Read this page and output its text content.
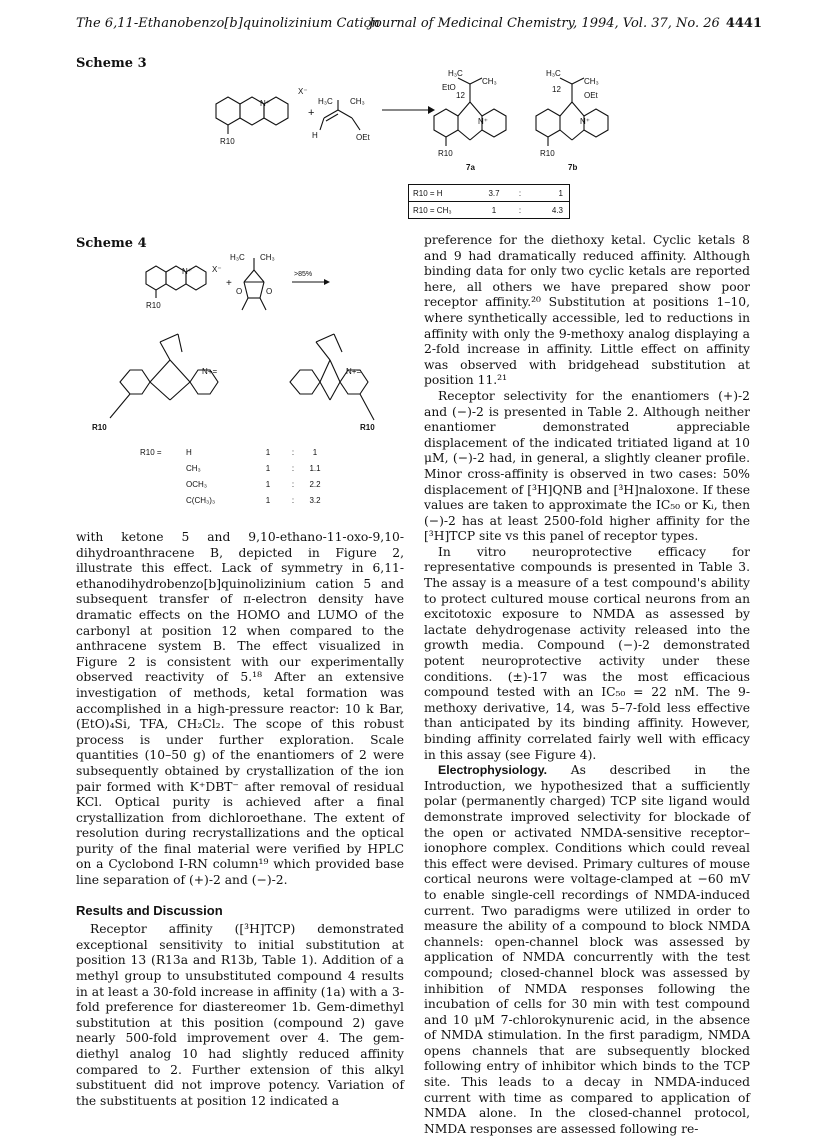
The 6,11-Ethanobenzo[b]quinolizinium Cation
Journal of Medicinal Chemistry, 1994, Vol. 37, No. 26 4441
Scheme 3
N⁺
R10
X⁻
+
H₃C CH₃
H	OEt
H₃C
CH₃
EtO
12
N⁺
R10
7a
H₃C
CH₃
12
OEt
N⁺
R10
7b
R10 = H	3.7	:	1
R10 = CH₃	1	:	4.3
Scheme 4
N⁺
R10
X⁻
+
H₃C CH₃
O	O
>85%
N+=
R10
N+=
R10
R10 =	H	1	:	1
CH₃	1	:	1.1
OCH₃	1	:	2.2
C(CH₃)₃	1	:	3.2

with ketone 5 and 9,10-ethano-11-oxo-9,10-dihydroanthracene B, depicted in Figure 2, illustrate this effect. Lack of symmetry in 6,11-ethanodihydrobenzo[b]quinolizinium cation 5 and subsequent transfer of π-electron density have dramatic effects on the HOMO and LUMO of the carbonyl at position 12 when compared to the anthracene system B. The effect visualized in Figure 2 is consistent with our experimentally observed reactivity of 5.¹⁸ After an extensive investigation of methods, ketal formation was accomplished in a high-pressure reactor: 10 k Bar, (EtO)₄Si, TFA, CH₂Cl₂. The scope of this robust process is under further exploration. Scale quantities (10–50 g) of the enantiomers of 2 were subsequently obtained by crystallization of the ion pair formed with K⁺DBT⁻ after removal of residual KCl. Optical purity is achieved after a final crystallization from dichloroethane. The extent of resolution during recrystallizations and the optical purity of the final material were verified by HPLC on a Cyclobond I-RN column¹⁹ which provided base line separation of (+)-2 and (−)-2.

Results and Discussion

Receptor affinity ([³H]TCP) demonstrated exceptional sensitivity to initial substitution at position 13 (R13a and R13b, Table 1). Addition of a methyl group to unsubstituted compound 4 results in at least a 30-fold increase in affinity (1a) with a 3-fold preference for diastereomer 1b. Gem-dimethyl substitution at this position (compound 2) gave nearly 500-fold improvement over 4. The gem-diethyl analog 10 had slightly reduced affinity compared to 2. Further extension of this alkyl substituent did not improve potency. Variation of the substituents at position 12 indicated a

preference for the diethoxy ketal. Cyclic ketals 8 and 9 had dramatically reduced affinity. Although binding data for only two cyclic ketals are reported here, all others we have prepared show poor receptor affinity.²⁰ Substitution at positions 1–10, where synthetically accessible, led to reductions in affinity with only the 9-methoxy analog displaying a 2-fold increase in affinity. Little effect on affinity was observed with bridgehead substitution at position 11.²¹

Receptor selectivity for the enantiomers (+)-2 and (−)-2 is presented in Table 2. Although neither enantiomer demonstrated appreciable displacement of the indicated tritiated ligand at 10 μM, (−)-2 had, in general, a slightly cleaner profile. Minor cross-affinity is observed in two cases: 50% displacement of [³H]QNB and [³H]naloxone. If these values are taken to approximate the IC₅₀ or Kᵢ, then (−)-2 has at least 2500-fold higher affinity for the [³H]TCP site vs this panel of receptor types.

In vitro neuroprotective efficacy for representative compounds is presented in Table 3. The assay is a measure of a test compound's ability to protect cultured mouse cortical neurons from an excitotoxic exposure to NMDA as assessed by lactate dehydrogenase activity released into the growth media. Compound (−)-2 demonstrated potent neuroprotective activity under these conditions. (±)-17 was the most efficacious compound tested with an IC₅₀ = 22 nM. The 9-methoxy derivative, 14, was 5–7-fold less effective than anticipated by its binding affinity. However, binding affinity correlated fairly well with efficacy in this assay (see Figure 4).

Electrophysiology. As described in the Introduction, we hypothesized that a sufficiently polar (permanently charged) TCP site ligand would demonstrate improved selectivity for blockade of the open or activated NMDA-sensitive receptor–ionophore complex. Conditions which could reveal this effect were devised. Primary cultures of mouse cortical neurons were voltage-clamped at −60 mV to enable single-cell recordings of NMDA-induced current. Two paradigms were utilized in order to measure the ability of a compound to block NMDA channels: open-channel block was assessed by application of NMDA concurrently with the test compound; closed-channel block was assessed by inhibition of NMDA responses following the incubation of cells for 30 min with test compound and 10 μM 7-chlorokynurenic acid, in the absence of NMDA stimulation. In the first paradigm, NMDA opens channels that are subsequently blocked following entry of inhibitor which binds to the TCP site. This leads to a decay in NMDA-induced current with time as compared to application of NMDA alone. In the closed-channel protocol, NMDA responses are assessed following re-
